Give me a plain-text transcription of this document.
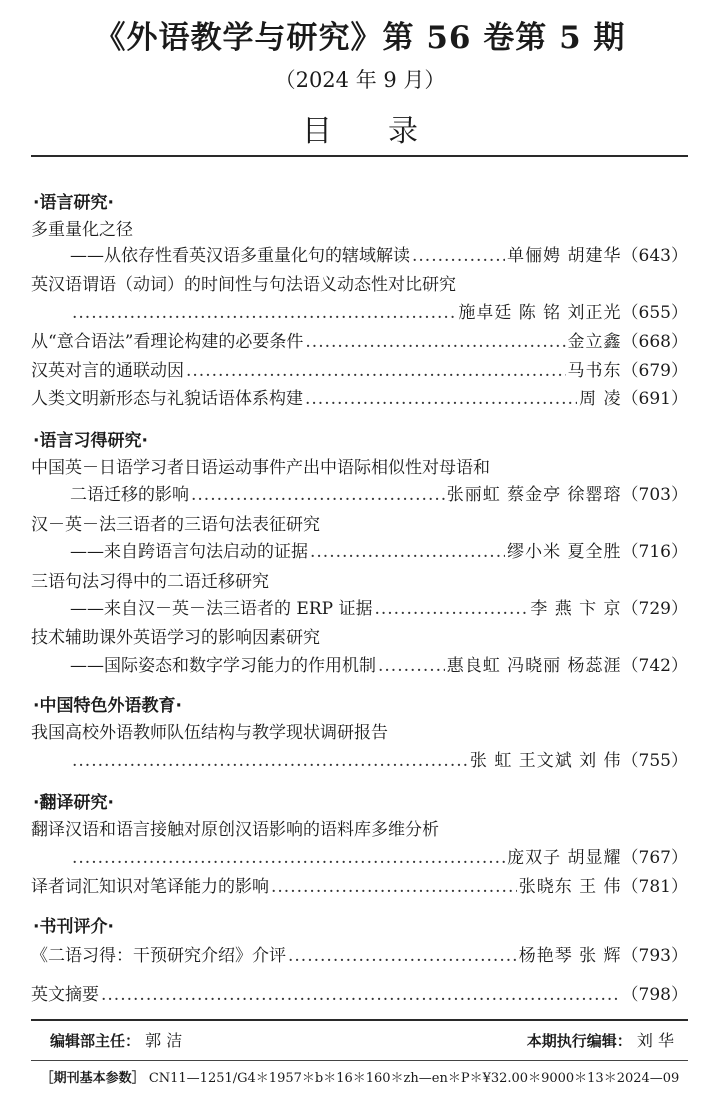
《外语教学与研究》第 56 卷第 5 期
（2024 年 9 月）
目录
·语言研究·
多重量化之径
——从依存性看英汉语多重量化句的辖域解读 .....	单俪娉 胡建华 （643）
英汉语谓语（动词）的时间性与句法语义动态性对比研究
.....
施卓廷 陈 铭 刘正光 （655）
从“意合语法”看理论构建的必要条件 .....	金立鑫 （668）
汉英对言的通联动因 .....	马书东 （679）
人类文明新形态与礼貌话语体系构建 .....	周 凌 （691）
·语言习得研究·
中国英－日语学习者日语运动事件产出中语际相似性对母语和
二语迁移的影响 .....	张丽虹 蔡金亭 徐罂瑢 （703）
汉－英－法三语者的三语句法表征研究
——来自跨语言句法启动的证据 .....	缪小米 夏全胜 （716）
三语句法习得中的二语迁移研究
——来自汉－英－法三语者的 ERP 证据 .....	李 燕 卞 京 （729）
技术辅助课外英语学习的影响因素研究
——国际姿态和数字学习能力的作用机制 .....	惠良虹 冯晓丽 杨蕊涯 （742）
·中国特色外语教育·
我国高校外语教师队伍结构与教学现状调研报告
.....
张 虹 王文斌 刘 伟 （755）
·翻译研究·
翻译汉语和语言接触对原创汉语影响的语料库多维分析
.....
庞双子 胡显耀 （767）
译者词汇知识对笔译能力的影响 .....	张晓东 王 伟 （781）
·书刊评介·
《二语习得：干预研究介绍》介评 .....	杨艳琴 张 辉 （793）
英文摘要 .....	（798）
编辑部主任： 郭 洁	本期执行编辑： 刘 华
［期刊基本参数］ CN11—1251/G4＊1957＊b＊16＊160＊zh—en＊P＊¥32.00＊9000＊13＊2024—09
